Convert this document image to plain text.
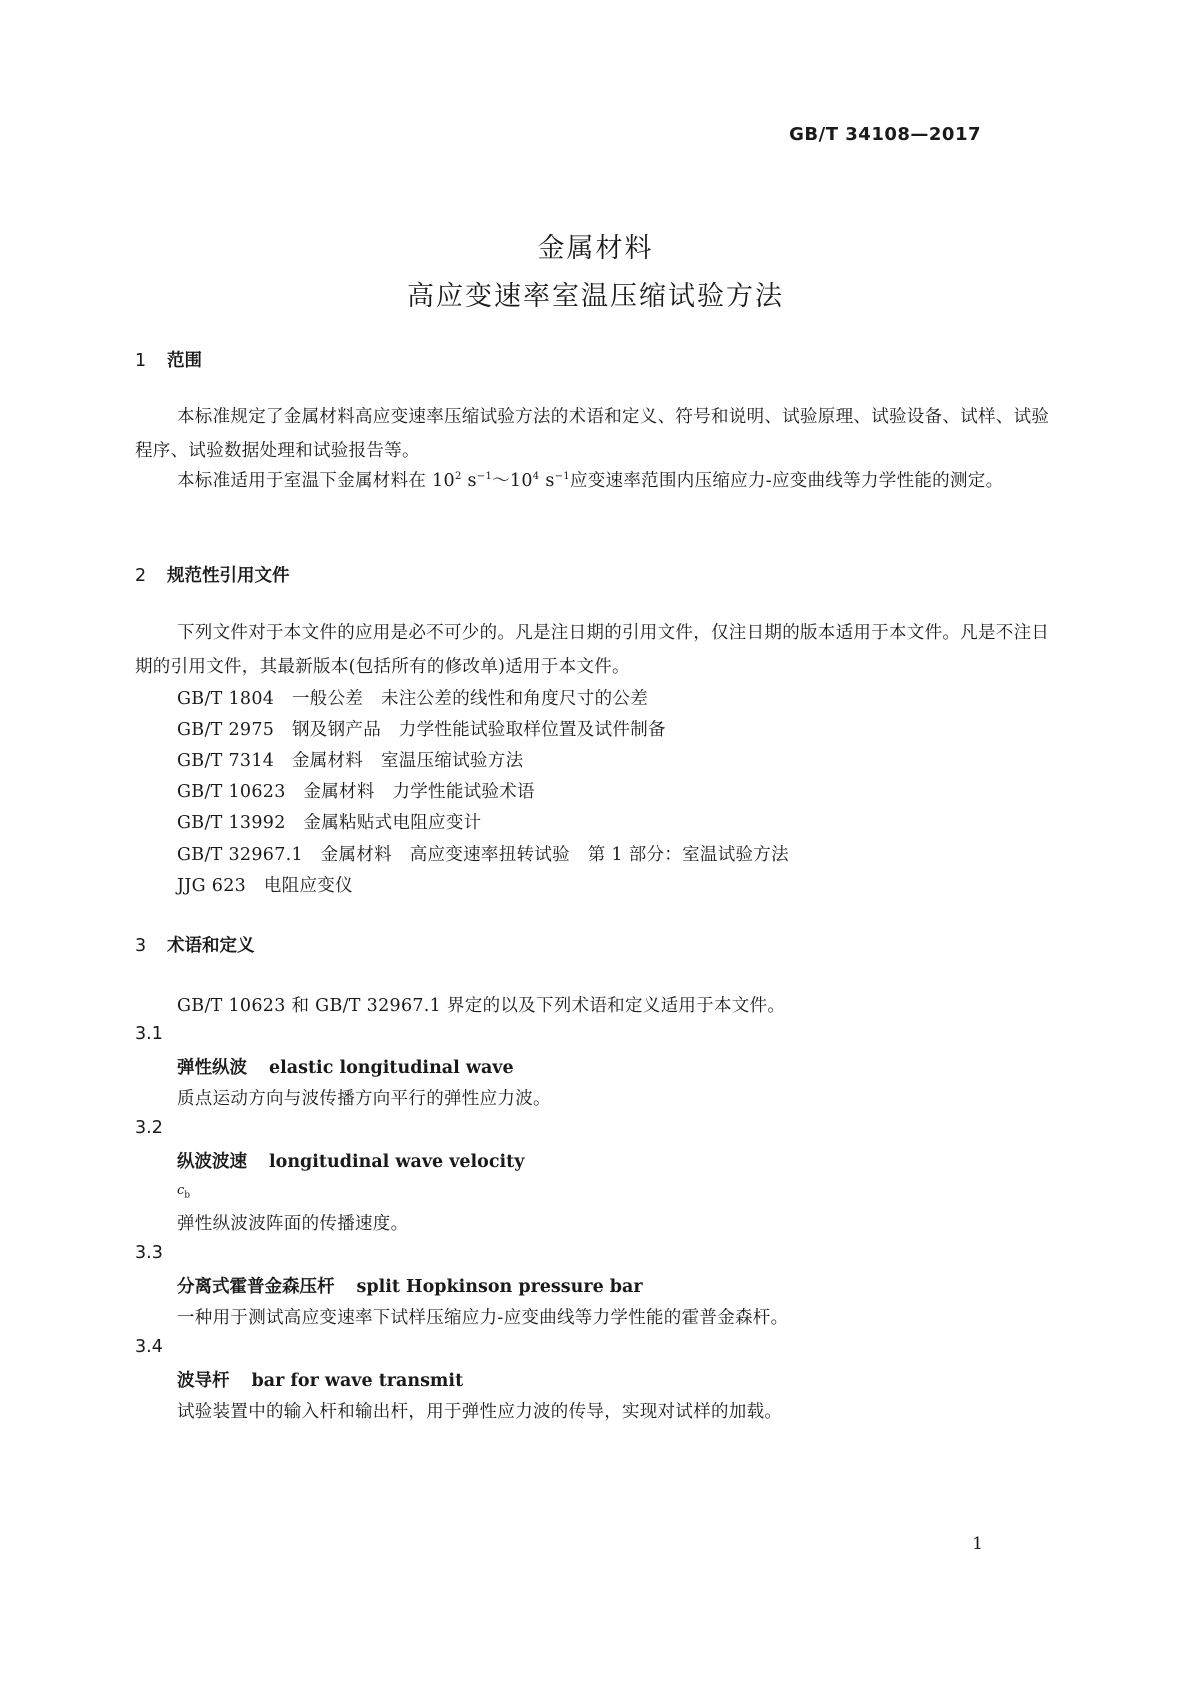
GB/T 34108—2017
金属材料
高应变速率室温压缩试验方法
1 范围
本标准规定了金属材料高应变速率压缩试验方法的术语和定义、符号和说明、试验原理、试验设备、试样、试验程序、试验数据处理和试验报告等。
本标准适用于室温下金属材料在 $10^2$ $s^{-1}\sim 10^4$ $s^{-1}$应变速率范围内压缩应力-应变曲线等力学性能的测定。
2 规范性引用文件
下列文件对于本文件的应用是必不可少的。凡是注日期的引用文件，仅注日期的版本适用于本文件。凡是不注日期的引用文件，其最新版本(包括所有的修改单)适用于本文件。
GB/T 1804　一般公差　未注公差的线性和角度尺寸的公差
GB/T 2975　钢及钢产品　力学性能试验取样位置及试件制备
GB/T 7314　金属材料　室温压缩试验方法
GB/T 10623　金属材料　力学性能试验术语
GB/T 13992　金属粘贴式电阻应变计
GB/T 32967.1　金属材料　高应变速率扭转试验　第 1 部分：室温试验方法
JJG 623　电阻应变仪
3 术语和定义
GB/T 10623 和 GB/T 32967.1 界定的以及下列术语和定义适用于本文件。
3.1
弹性纵波 elastic longitudinal wave
质点运动方向与波传播方向平行的弹性应力波。
3.2
纵波波速 longitudinal wave velocity
$c_b$
弹性纵波波阵面的传播速度。
3.3
分离式霍普金森压杆 split Hopkinson pressure bar
一种用于测试高应变速率下试样压缩应力-应变曲线等力学性能的霍普金森杆。
3.4
波导杆 bar for wave transmit
试验装置中的输入杆和输出杆，用于弹性应力波的传导，实现对试样的加载。
1
